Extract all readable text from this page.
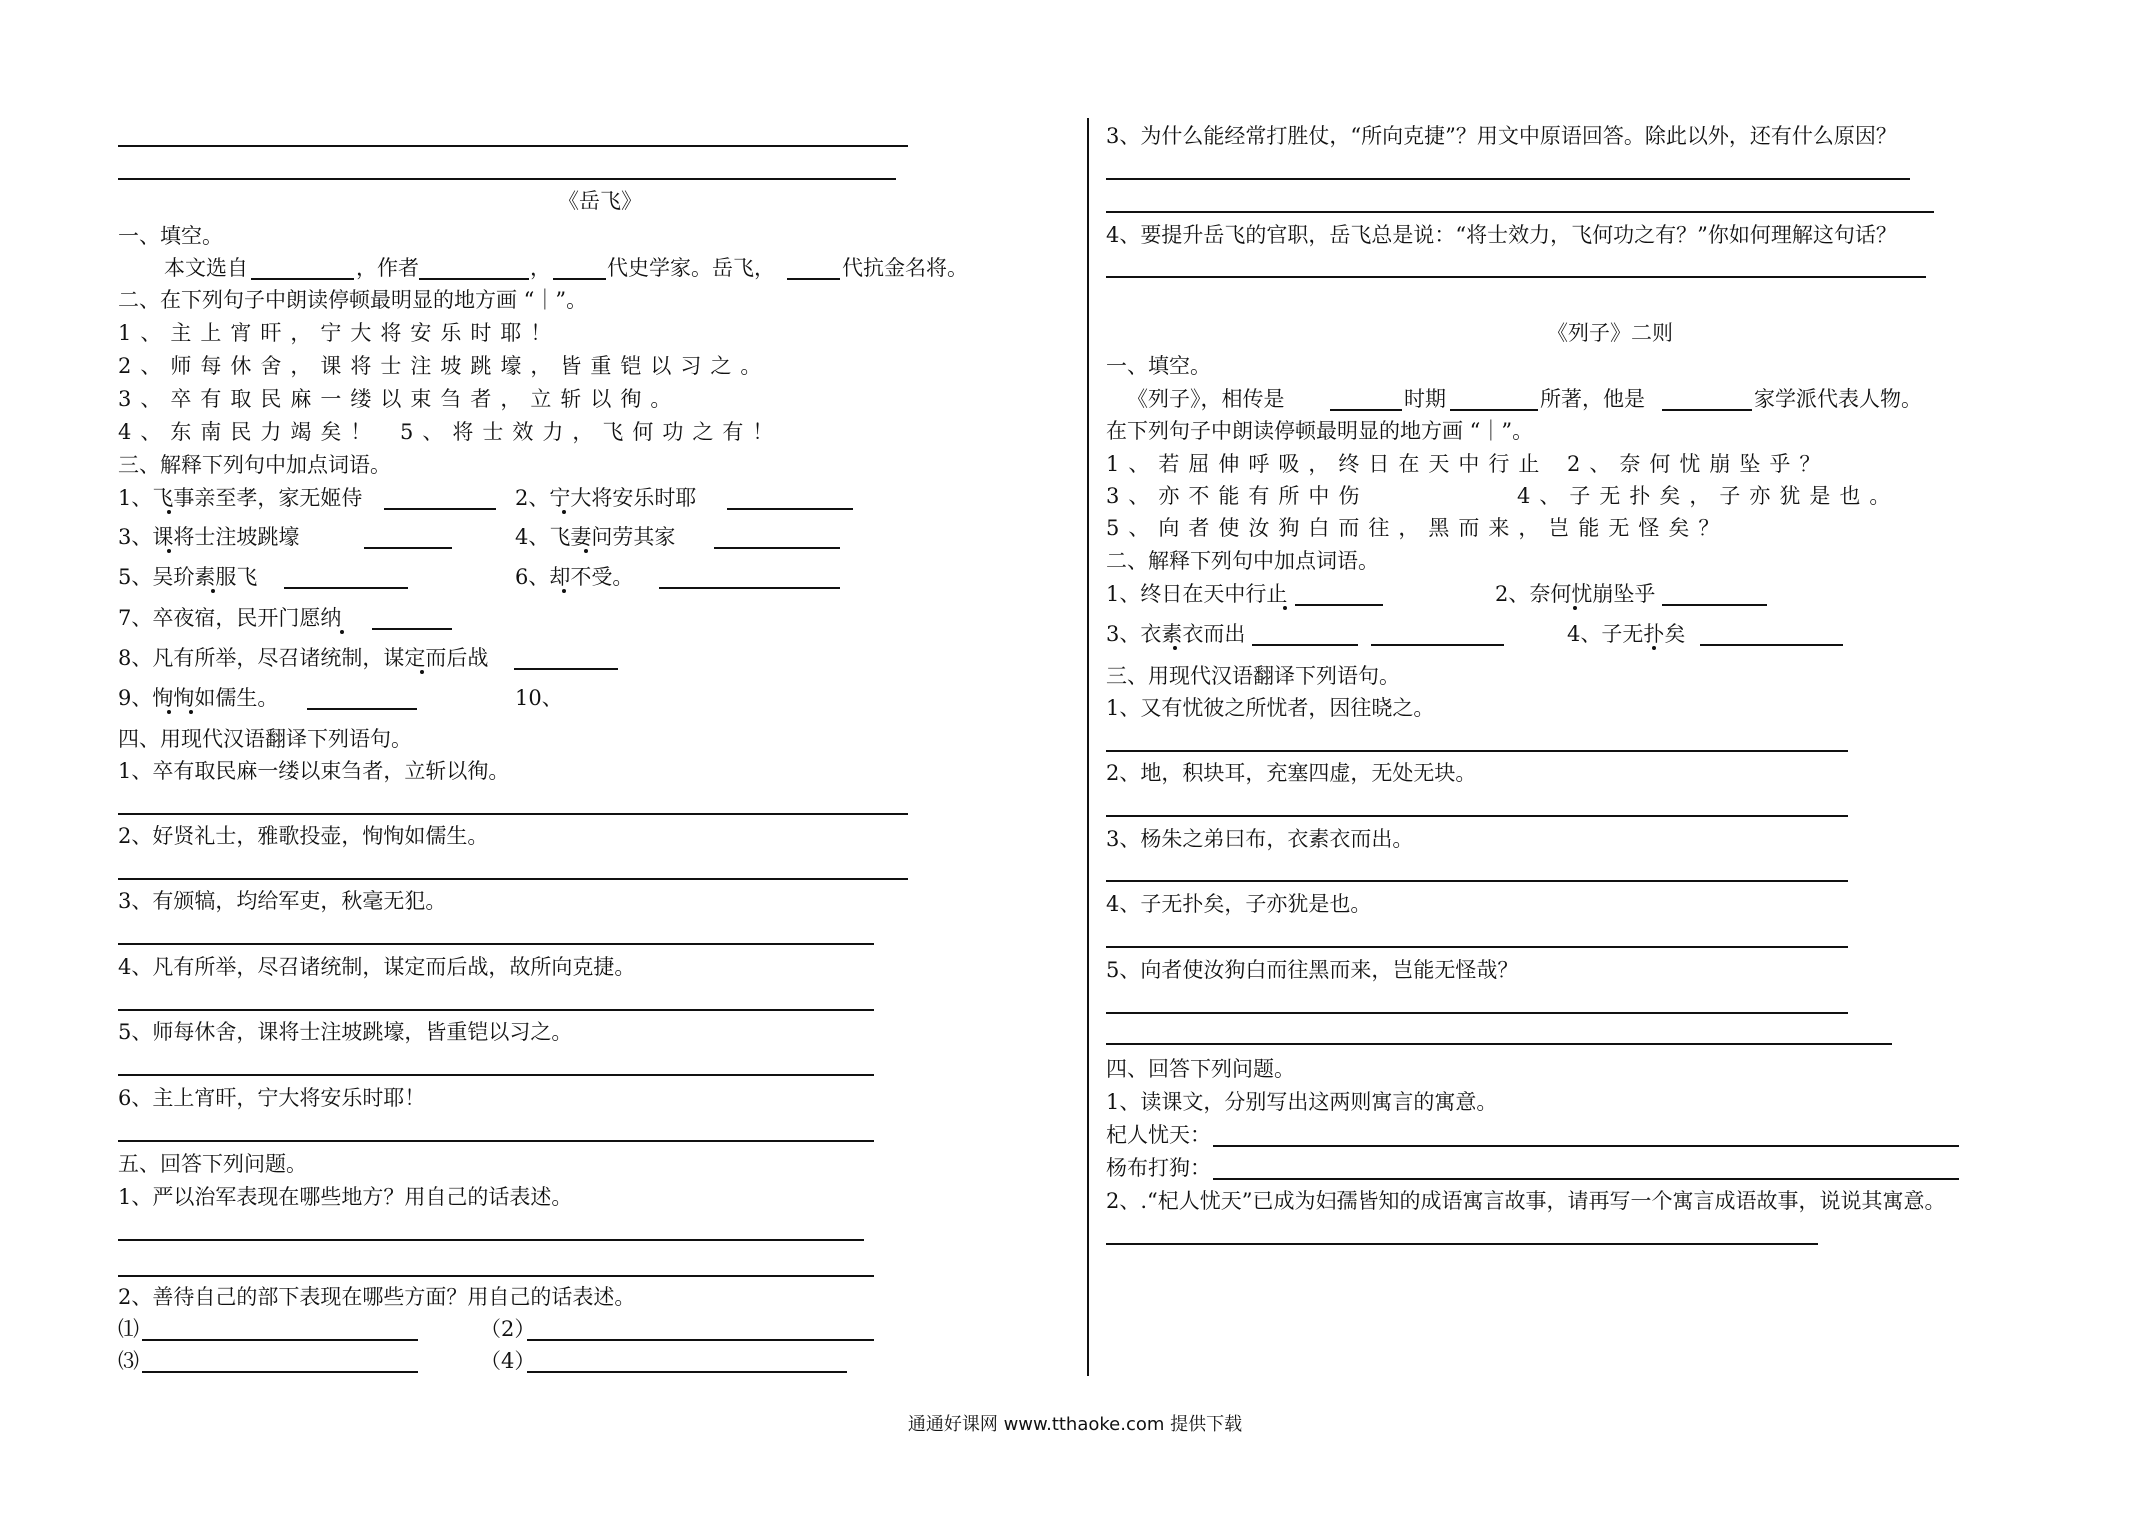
《岳飞》
一、填空。
本文选自	，作者	，	代史学家。岳飞，	代抗金名将。
二、在下列句子中朗读停顿最明显的地方画 “｜”。
1、主上宵旰，宁大将安乐时耶！
2、师每休舍，课将士注坡跳壕，皆重铠以习之。
3、卒有取民麻一缕以束刍者，立斩以徇。
4、东南民力竭矣！ 5、将士效力，飞何功之有！
三、解释下列句中加点词语。
1、飞事亲至孝，家无姬侍	2、宁大将安乐时耶
3、课将士注坡跳壕	4、飞妻问劳其家
5、吴玠素服飞	6、却不受。
7、卒夜宿，民开门愿纳
8、凡有所举，尽召诸统制，谋定而后战
9、恂恂如儒生。	10、
四、用现代汉语翻译下列语句。
1、卒有取民麻一缕以束刍者，立斩以徇。
2、好贤礼士，雅歌投壶，恂恂如儒生。
3、有颁犒，均给军吏，秋毫无犯。
4、凡有所举，尽召诸统制，谋定而后战，故所向克捷。
5、师每休舍，课将士注坡跳壕，皆重铠以习之。
6、主上宵旰，宁大将安乐时耶！
五、回答下列问题。
1、严以治军表现在哪些地方？用自己的话表述。
2、善待自己的部下表现在哪些方面？用自己的话表述。
⑴	（2）
⑶	（4）
3、为什么能经常打胜仗，“所向克捷”？用文中原语回答。除此以外，还有什么原因？
4、要提升岳飞的官职，岳飞总是说：“将士效力，飞何功之有？”你如何理解这句话？
《列子》二则
一、填空。
《列子》，相传是	时期	所著，他是	家学派代表人物。
在下列句子中朗读停顿最明显的地方画 “｜”。
1、若屈伸呼吸，终日在天中行止 2、奈何忧崩坠乎？
3、亦不能有所中伤	4、子无扑矣，子亦犹是也。
5、向者使汝狗白而往，黑而来，岂能无怪矣？
二、解释下列句中加点词语。
1、终日在天中行止	2、奈何忧崩坠乎
3、衣素衣而出	4、子无扑矣
三、用现代汉语翻译下列语句。
1、又有忧彼之所忧者，因往晓之。
2、地，积块耳，充塞四虚，无处无块。
3、杨朱之弟曰布，衣素衣而出。
4、子无扑矣，子亦犹是也。
5、向者使汝狗白而往黑而来，岂能无怪哉？
四、回答下列问题。
1、读课文，分别写出这两则寓言的寓意。
杞人忧天：
杨布打狗：
2、.“杞人忧天”已成为妇孺皆知的成语寓言故事，请再写一个寓言成语故事，说说其寓意。
通通好课网 www.tthaoke.com 提供下载
